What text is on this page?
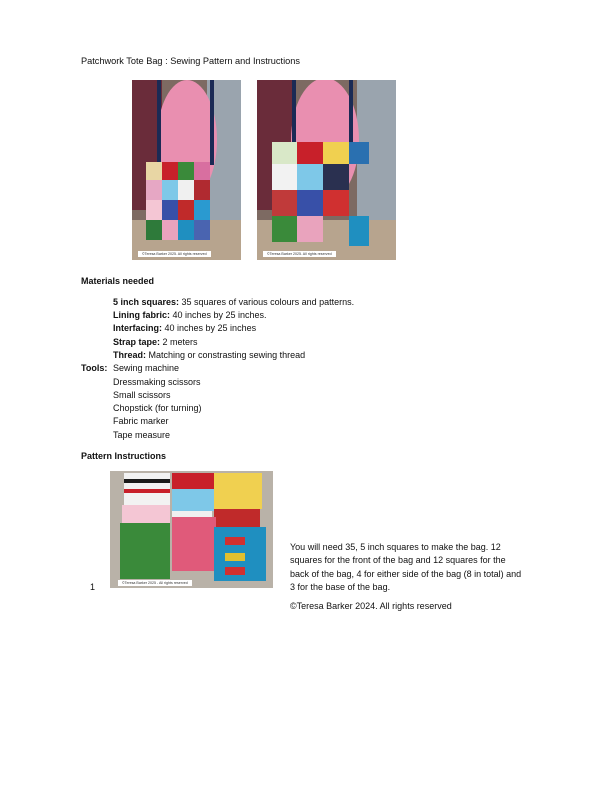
Patchwork Tote Bag : Sewing Pattern and Instructions
©Teresa Barker 2025. All rights reserved	©Teresa Barker 2025. All rights reserved
Materials needed
5 inch squares: 35 squares of various colours and patterns.
Lining fabric: 40 inches by 25 inches.
Interfacing: 40 inches by 25 inches
Strap tape: 2 meters
Thread: Matching or constrasting sewing thread
Tools: Sewing machine
Dressmaking scissors
Small scissors
Chopstick (for turning)
Fabric marker
Tape measure
Pattern Instructions
©Teresa Barker 2025 - All rights reserved
1
You will need 35, 5 inch squares to make the bag. 12 squares for the front of the bag and 12 squares for the back of the bag, 4 for either side of the bag (8 in total) and 3 for the base of the bag.
©Teresa Barker 2024. All rights reserved
